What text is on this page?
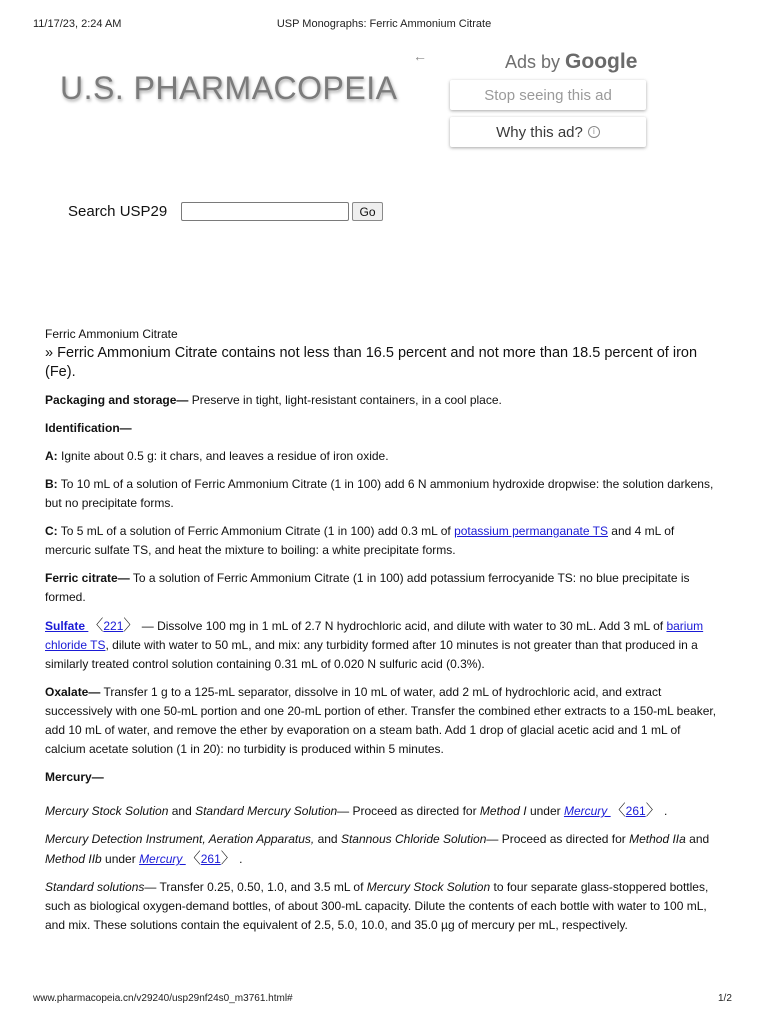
11/17/23, 2:24 AM	USP Monographs: Ferric Ammonium Citrate
U.S. PHARMACOPEIA
←	Ads by Google
Stop seeing this ad
Why this ad?	i
Search USP29	Go

Ferric Ammonium Citrate

» Ferric Ammonium Citrate contains not less than 16.5 percent and not more than 18.5 percent of iron (Fe).

Packaging and storage— Preserve in tight, light-resistant containers, in a cool place.

Identification—

A: Ignite about 0.5 g: it chars, and leaves a residue of iron oxide.

B: To 10 mL of a solution of Ferric Ammonium Citrate (1 in 100) add 6 N ammonium hydroxide dropwise: the solution darkens, but no precipitate forms.

C: To 5 mL of a solution of Ferric Ammonium Citrate (1 in 100) add 0.3 mL of potassium permanganate TS and 4 mL of mercuric sulfate TS, and heat the mixture to boiling: a white precipitate forms.

Ferric citrate— To a solution of Ferric Ammonium Citrate (1 in 100) add potassium ferrocyanide TS: no blue precipitate is formed.

Sulfate 〈221〉 — Dissolve 100 mg in 1 mL of 2.7 N hydrochloric acid, and dilute with water to 30 mL. Add 3 mL of barium chloride TS, dilute with water to 50 mL, and mix: any turbidity formed after 10 minutes is not greater than that produced in a similarly treated control solution containing 0.31 mL of 0.020 N sulfuric acid (0.3%).

Oxalate— Transfer 1 g to a 125-mL separator, dissolve in 10 mL of water, add 2 mL of hydrochloric acid, and extract successively with one 50-mL portion and one 20-mL portion of ether. Transfer the combined ether extracts to a 150-mL beaker, add 10 mL of water, and remove the ether by evaporation on a steam bath. Add 1 drop of glacial acetic acid and 1 mL of calcium acetate solution (1 in 20): no turbidity is produced within 5 minutes.

Mercury—

Mercury Stock Solution and Standard Mercury Solution— Proceed as directed for Method I under Mercury 〈261〉 .

Mercury Detection Instrument, Aeration Apparatus, and Stannous Chloride Solution— Proceed as directed for Method IIa and Method IIb under Mercury 〈261〉 .

Standard solutions— Transfer 0.25, 0.50, 1.0, and 3.5 mL of Mercury Stock Solution to four separate glass-stoppered bottles, such as biological oxygen-demand bottles, of about 300-mL capacity. Dilute the contents of each bottle with water to 100 mL, and mix. These solutions contain the equivalent of 2.5, 5.0, 10.0, and 35.0 µg of mercury per mL, respectively.

www.pharmacopeia.cn/v29240/usp29nf24s0_m3761.html#	1/2
